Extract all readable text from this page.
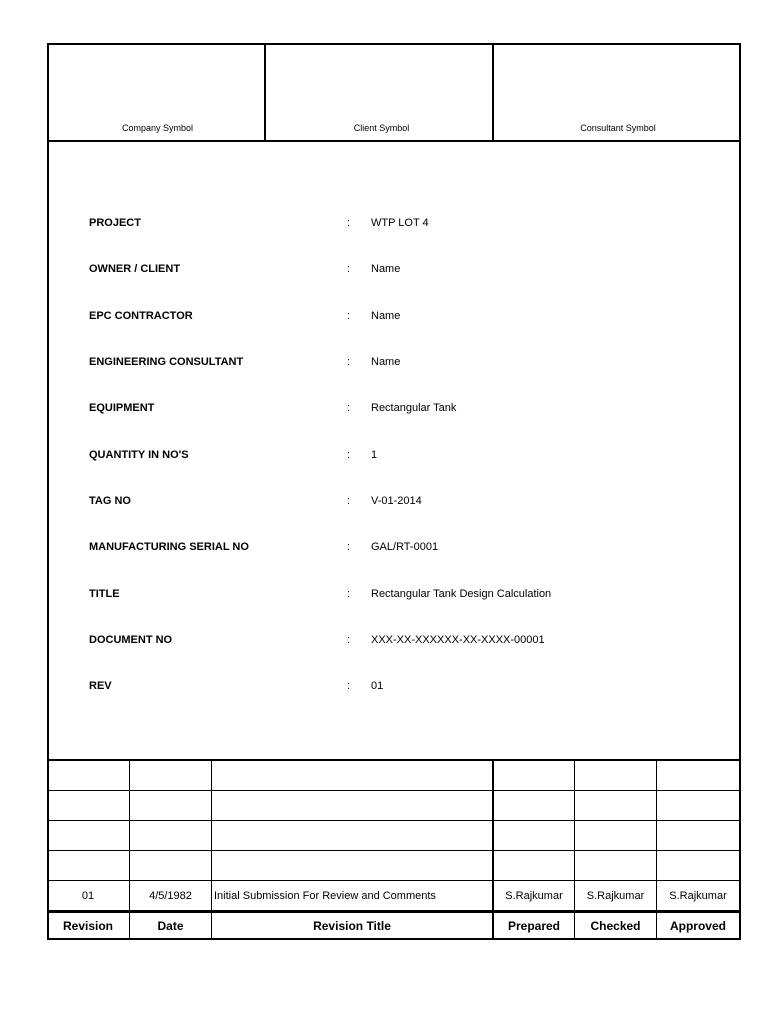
Company Symbol	Client Symbol	Consultant Symbol
PROJECT	: WTP LOT 4
OWNER / CLIENT	: Name
EPC CONTRACTOR	: Name
ENGINEERING CONSULTANT	: Name
EQUIPMENT	: Rectangular Tank
QUANTITY IN NO'S	: 1
TAG NO	: V-01-2014
MANUFACTURING SERIAL NO	: GAL/RT-0001
TITLE	: Rectangular Tank Design Calculation
DOCUMENT NO	: XXX-XX-XXXXXX-XX-XXXX-00001
REV	: 01
01	4/5/1982	Initial Submission For Review and Comments	S.Rajkumar	S.Rajkumar	S.Rajkumar
Revision	Date	Revision Title	Prepared	Checked	Approved
